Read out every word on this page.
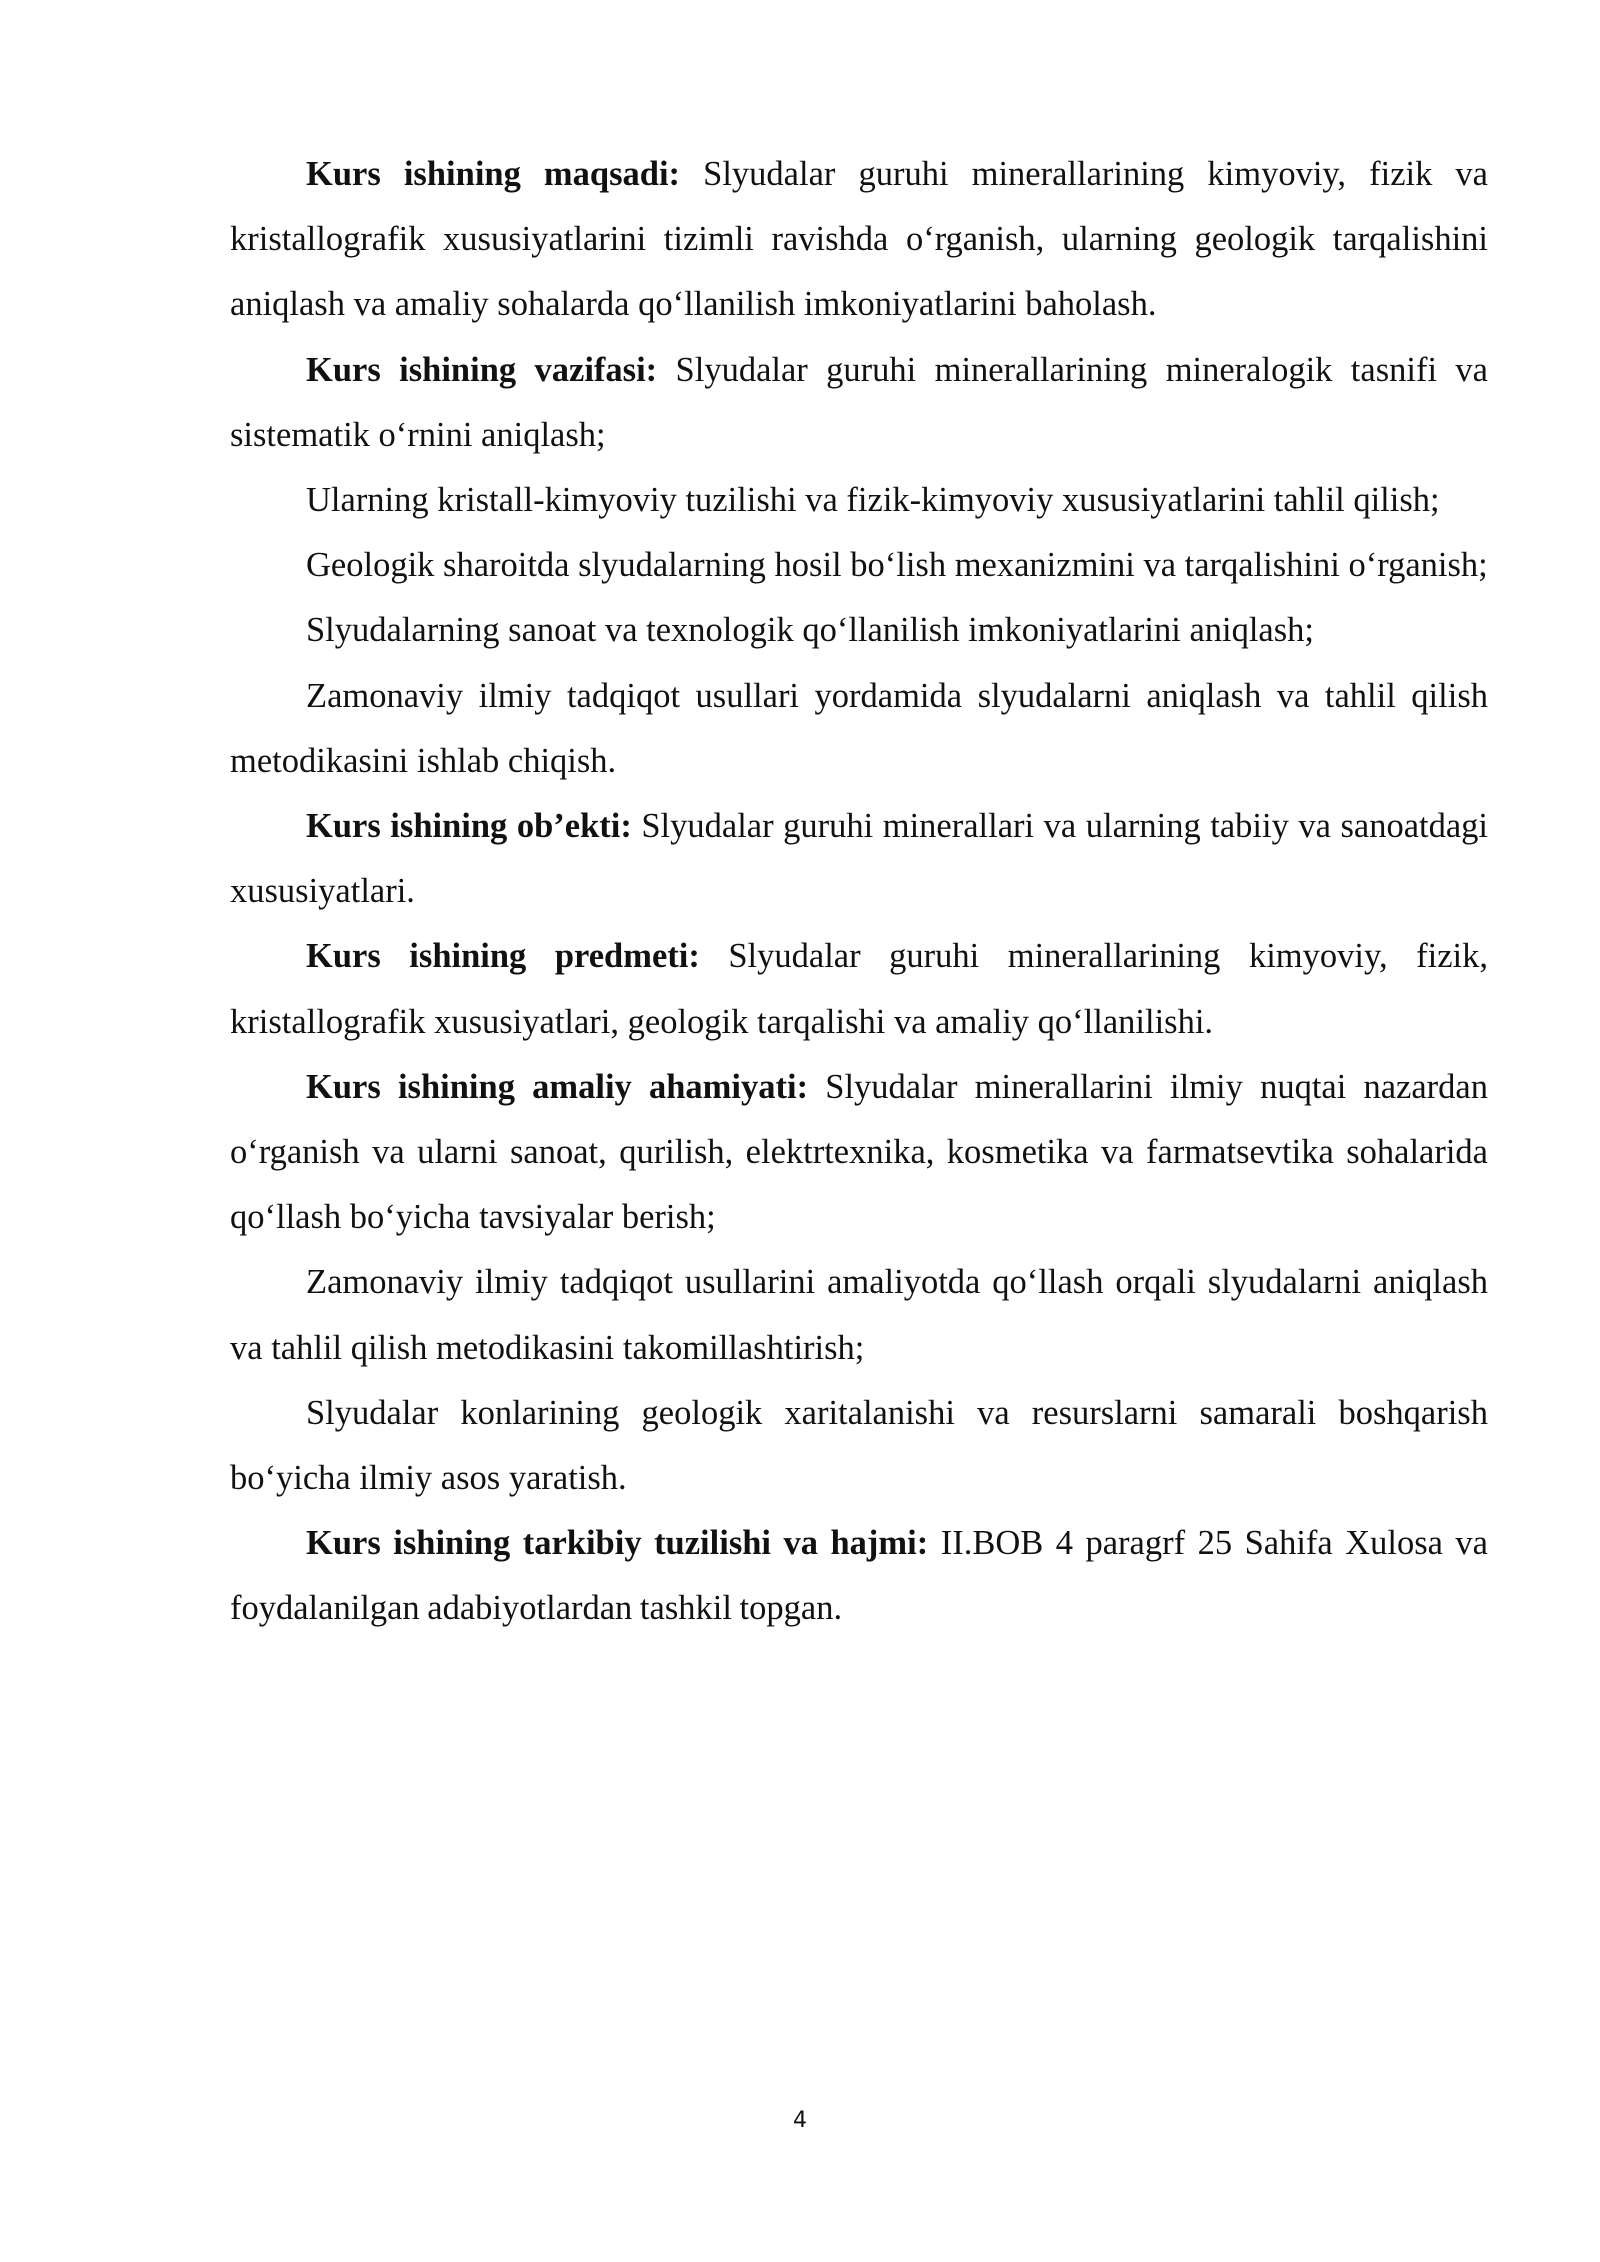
Kurs ishining maqsadi: Slyudalar guruhi minerallarining kimyoviy, fizik va kristallografik xususiyatlarini tizimli ravishda o‘rganish, ularning geologik tarqalishini aniqlash va amaliy sohalarda qo‘llanilish imkoniyatlarini baholash.

Kurs ishining vazifasi: Slyudalar guruhi minerallarining mineralogik tasnifi va sistematik o‘rnini aniqlash;

Ularning kristall-kimyoviy tuzilishi va fizik-kimyoviy xususiyatlarini tahlil qilish;

Geologik sharoitda slyudalarning hosil bo‘lish mexanizmini va tarqalishini o‘rganish;

Slyudalarning sanoat va texnologik qo‘llanilish imkoniyatlarini aniqlash;

Zamonaviy ilmiy tadqiqot usullari yordamida slyudalarni aniqlash va tahlil qilish metodikasini ishlab chiqish.

Kurs ishining ob’ekti: Slyudalar guruhi minerallari va ularning tabiiy va sanoatdagi xususiyatlari.

Kurs ishining predmeti: Slyudalar guruhi minerallarining kimyoviy, fizik, kristallografik xususiyatlari, geologik tarqalishi va amaliy qo‘llanilishi.

Kurs ishining amaliy ahamiyati: Slyudalar minerallarini ilmiy nuqtai nazardan o‘rganish va ularni sanoat, qurilish, elektrtexnika, kosmetika va farmatsevtika sohalarida qo‘llash bo‘yicha tavsiyalar berish;

Zamonaviy ilmiy tadqiqot usullarini amaliyotda qo‘llash orqali slyudalarni aniqlash va tahlil qilish metodikasini takomillashtirish;

Slyudalar konlarining geologik xaritalanishi va resurslarni samarali boshqarish bo‘yicha ilmiy asos yaratish.

Kurs ishining tarkibiy tuzilishi va hajmi: II.BOB 4 paragrf 25 Sahifa Xulosa va foydalanilgan adabiyotlardan tashkil topgan.

4
